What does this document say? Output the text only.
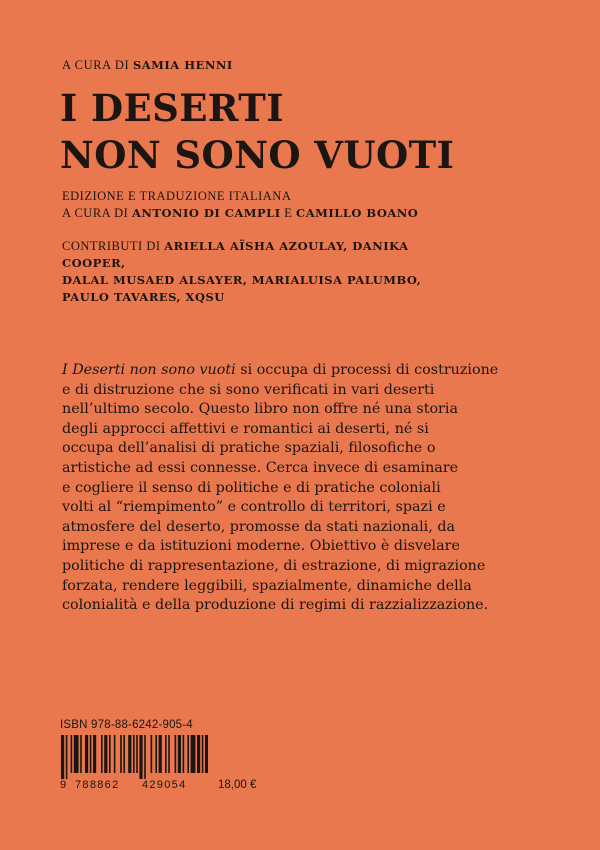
A CURA DI SAMIA HENNI
I DESERTI
NON SONO VUOTI
EDIZIONE E TRADUZIONE ITALIANA
A CURA DI ANTONIO DI CAMPLI E CAMILLO BOANO
CONTRIBUTI DI ARIELLA AÏSHA AZOULAY, DANIKA COOPER,
DALAL MUSAED ALSAYER, MARIALUISA PALUMBO,
PAULO TAVARES, XQSU
I Deserti non sono vuoti si occupa di processi di costruzione
e di distruzione che si sono verificati in vari deserti
nell’ultimo secolo. Questo libro non offre né una storia
degli approcci affettivi e romantici ai deserti, né si
occupa dell’analisi di pratiche spaziali, filosofiche o
artistiche ad essi connesse. Cerca invece di esaminare
e cogliere il senso di politiche e di pratiche coloniali
volti al “riempimento” e controllo di territori, spazi e
atmosfere del deserto, promosse da stati nazionali, da
imprese e da istituzioni moderne. Obiettivo è disvelare
politiche di rappresentazione, di estrazione, di migrazione
forzata, rendere leggibili, spazialmente, dinamiche della
colonialità e della produzione di regimi di razzializzazione.
ISBN 978-88-6242-905-4
9 788862 429054	18,00 €
